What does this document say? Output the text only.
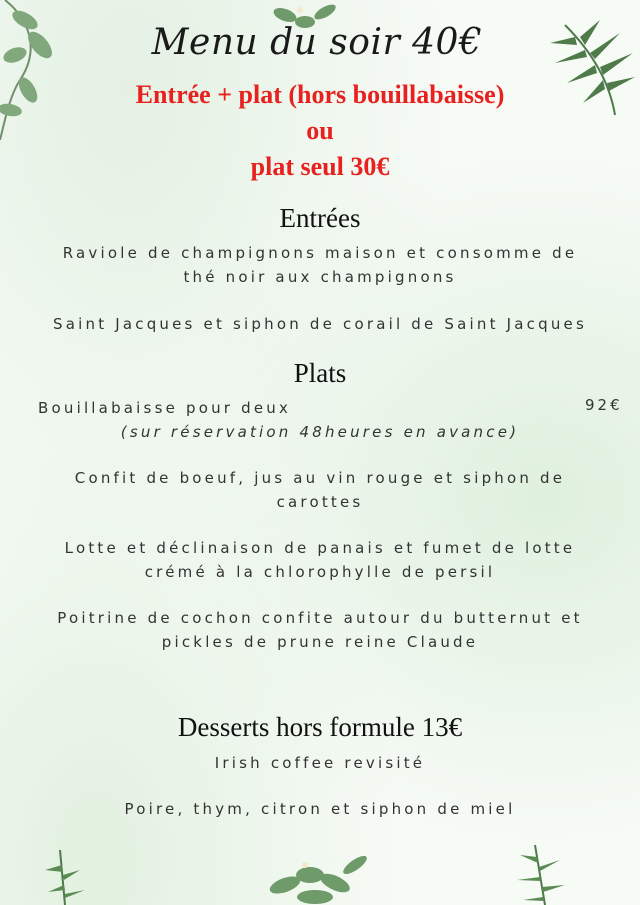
Menu du soir 40€
Entrée + plat (hors bouillabaisse)
ou
plat seul 30€
Entrées
Raviole de champignons maison et consomme de
thé noir aux champignons
Saint Jacques et siphon de corail de Saint Jacques
Plats
Bouillabaisse pour deux	92€
(sur réservation 48heures en avance)
Confit de boeuf, jus au vin rouge et siphon de
carottes
Lotte et déclinaison de panais et fumet de lotte
crémé à la chlorophylle de persil
Poitrine de cochon confite autour du butternut et
pickles de prune reine Claude
Desserts hors formule 13€
Irish coffee revisité
Poire, thym, citron et siphon de miel
